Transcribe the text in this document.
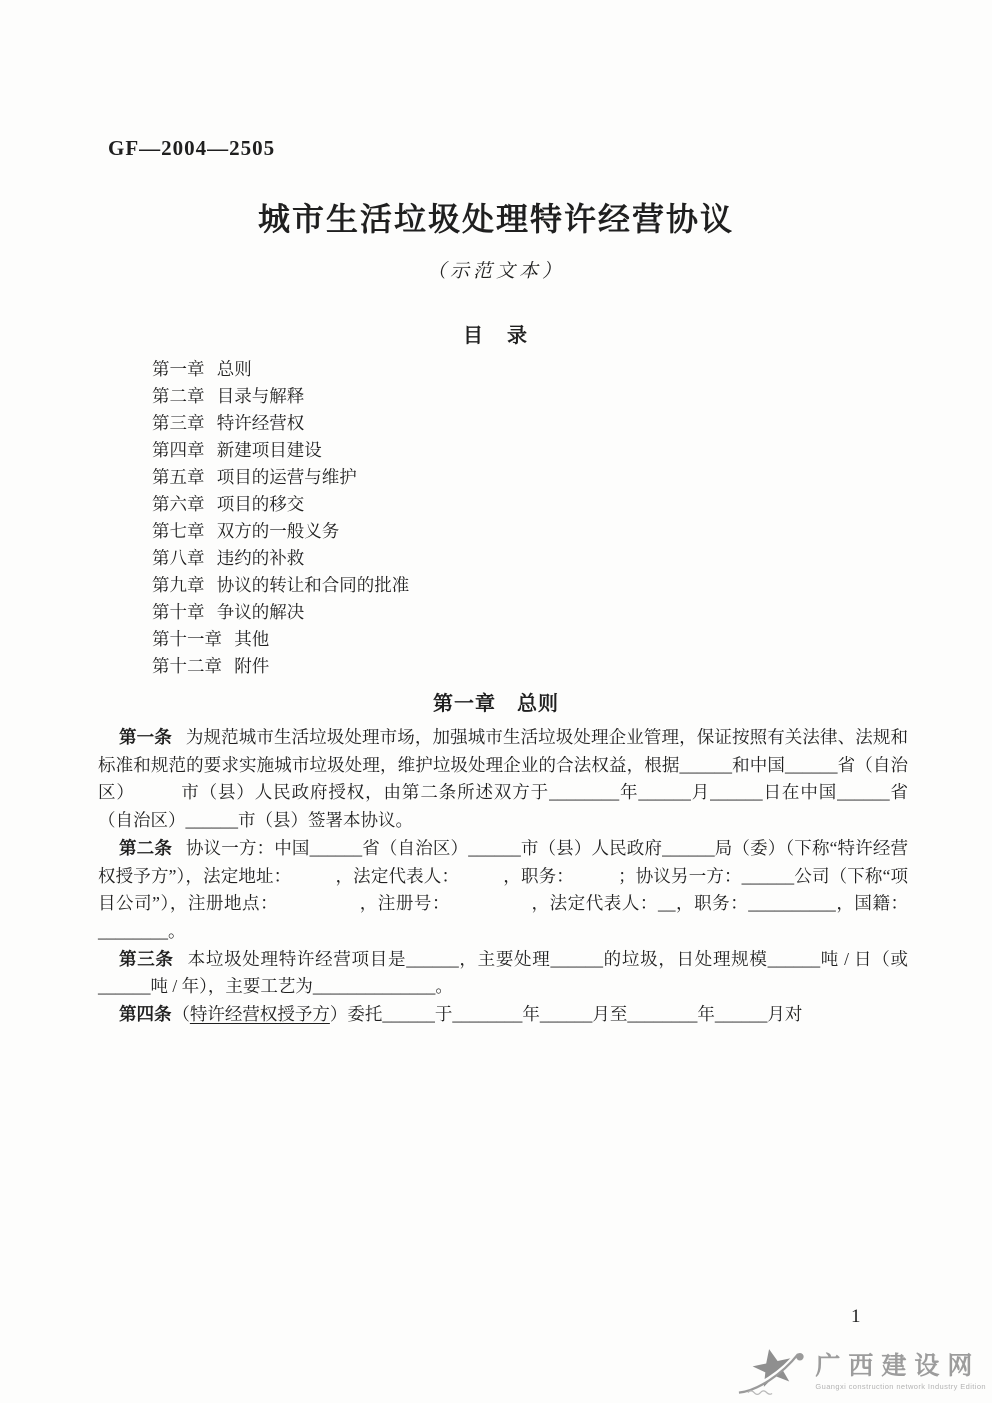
GF—2004—2505
城市生活垃圾处理特许经营协议
（示范文本）
目　录
第一章 总则
第二章 目录与解释
第三章 特许经营权
第四章 新建项目建设
第五章 项目的运营与维护
第六章 项目的移交
第七章 双方的一般义务
第八章 违约的补救
第九章 协议的转让和合同的批准
第十章 争议的解决
第十一章 其他
第十二章 附件
第一章　总则

第一条 为规范城市生活垃圾处理市场，加强城市生活垃圾处理企业管理，保证按照有关法律、法规和标准和规范的要求实施城市垃圾处理，维护垃圾处理企业的合法权益，根据______和中国______省（自治区）　　　市（县）人民政府授权，由第二条所述双方于________年______月______日在中国______省（自治区）______市（县）签署本协议。

第二条 协议一方：中国______省（自治区）______市（县）人民政府______局（委）（下称“特许经营权授予方”），法定地址：　　　，法定代表人：　　　，职务：　　　；协议另一方：______公司（下称“项目公司”），注册地点：　　　　　，注册号：　　　　　，法定代表人：__，职务：__________，国籍：________。

第三条 本垃圾处理特许经营项目是______，主要处理______的垃圾，日处理规模______吨 / 日（或______吨 / 年），主要工艺为______________。

第四条（特许经营权授予方）委托______于________年______月至________年______月对

1
广西建设网
Guangxi construction network Industry Edition
